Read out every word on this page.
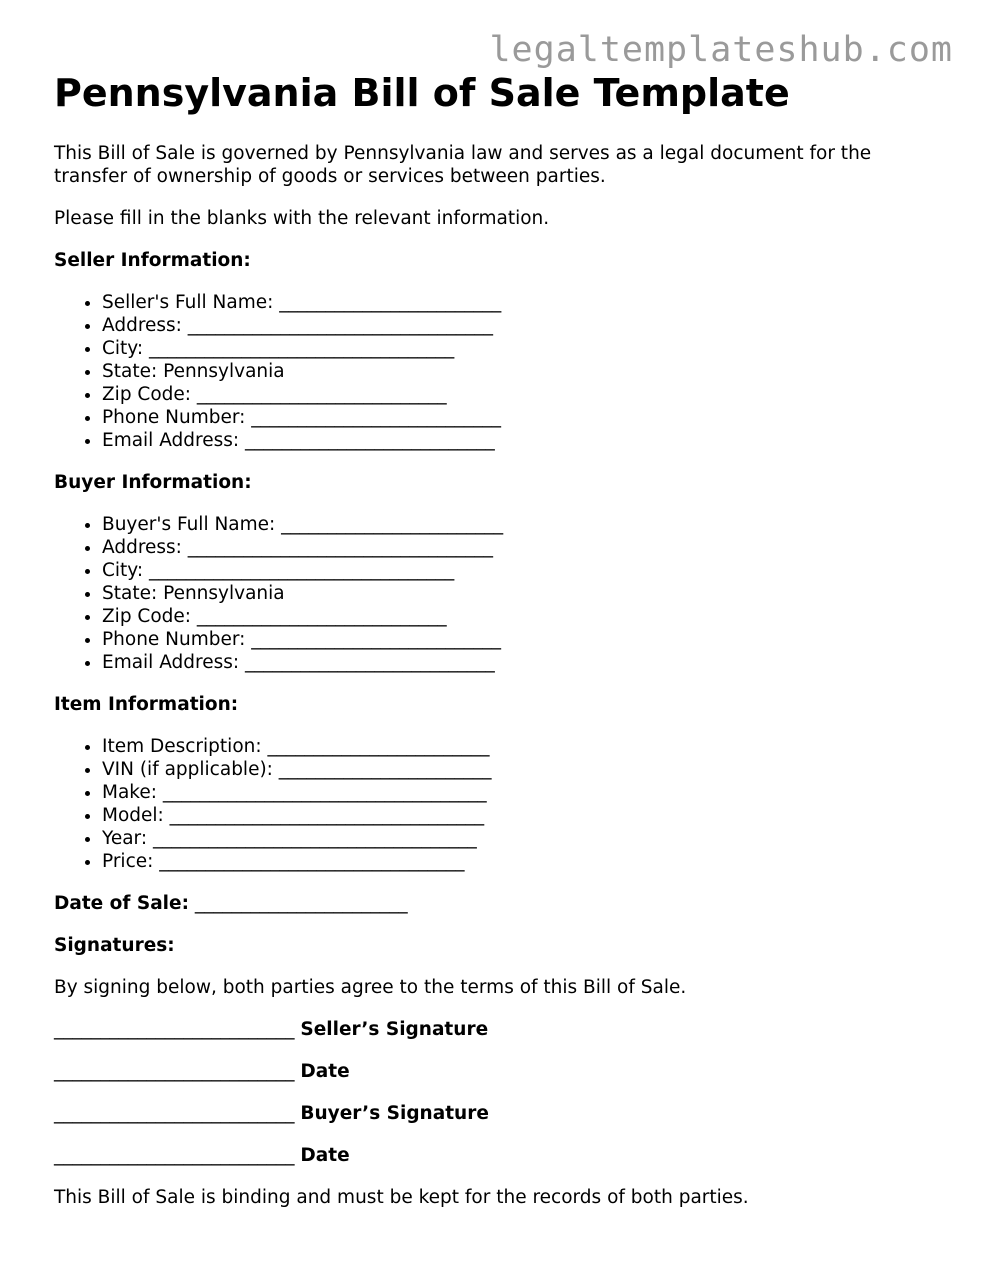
legaltemplateshub.com
Pennsylvania Bill of Sale Template

This Bill of Sale is governed by Pennsylvania law and serves as a legal document for the transfer of ownership of goods or services between parties.

Please fill in the blanks with the relevant information.

Seller Information:

• Seller's Full Name: ________________________
• Address: _________________________________
• City: _________________________________
• State: Pennsylvania
• Zip Code: ___________________________
• Phone Number: ___________________________
• Email Address: ___________________________

Buyer Information:

• Buyer's Full Name: ________________________
• Address: _________________________________
• City: _________________________________
• State: Pennsylvania
• Zip Code: ___________________________
• Phone Number: ___________________________
• Email Address: ___________________________

Item Information:

• Item Description: ________________________
• VIN (if applicable): _______________________
• Make: ___________________________________
• Model: __________________________________
• Year: ___________________________________
• Price: _________________________________

Date of Sale: _______________________

Signatures:

By signing below, both parties agree to the terms of this Bill of Sale.

__________________________ Seller’s Signature

__________________________ Date

__________________________ Buyer’s Signature

__________________________ Date

This Bill of Sale is binding and must be kept for the records of both parties.
